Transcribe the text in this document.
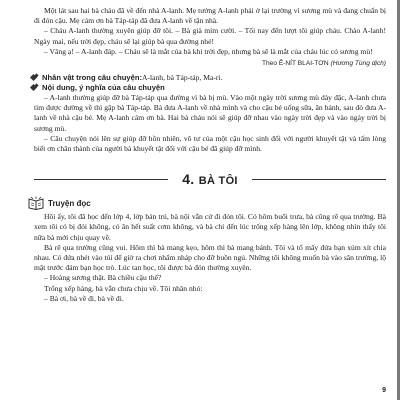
Một lát sau hai bà cháu đã về đến nhà A-lanh. Mẹ tưởng A-lanh phải ở lại trường vì sương mù và đang chuẩn bị đi đón cậu. Mẹ cảm ơn bà Táp-táp đã đưa A-lanh về tận nhà.

– Cháu A-lanh thường xuyên giúp đỡ tôi. – Bà già mỉm cười. – Tối nay đến lượt tôi giúp cháu. Chào A-lanh! Ngày mai, nếu trời đẹp, cháu sẽ lại giúp bà qua đường nhé!

– Vâng ạ! – A-lanh đáp. – Cháu sẽ là mắt của bà khi trời đẹp, nhưng bà sẽ là mắt của cháu lúc có sương mù!

Theo Ê-NÍT BLAI-TƠN (Hương Tùng dịch)
Nhân vật trong câu chuyện: A-lanh, bà Táp-táp, Ma-ri.
Nội dung, ý nghĩa của câu chuyện

– A-lanh thường giúp đỡ bà Táp-táp qua đường vì bà bị mù. Vào một ngày trời sương mù dày đặc, A-lanh chưa tìm được đường về thì gặp bà Táp-táp. Bà đưa A-lanh về nhà mình và cho cậu bé uống sữa, ăn bánh, sau đó đưa A-lanh về nhà cậu bé. Mẹ A-lanh cảm ơn bà. Hai bà cháu nói sẽ giúp đỡ nhau vào ngày trời đẹp và vào ngày trời bị sương mù.

– Câu chuyện nói lên sự giúp đỡ hồn nhiên, vô tư của một cậu học sinh đối với người khuyết tật và tấm lòng biết ơn chân thành của người bà khuyết tật đối với cậu bé đã giúp đỡ mình.

4. BÀ TÔI
Truyện đọc

Hồi ấy, tôi đã học đến lớp 4, lớp bán trú, bà nội vẫn cứ đi đón tôi. Có hôm buổi trưa, bà cũng rẽ qua trường. Bà xem tôi có bị đói không, có ăn hết suất cơm không, và bà chỉ đến lúc trống xếp hàng lên lớp, không nhìn thấy tôi nữa bà mới chịu quay về.

Bà rẽ qua trường cũng vui. Hôm thì bà mang kẹo, hôm thì bà mang bánh. Tôi và tổ mấy đứa bạn xúm xít chia nhau. Có đứa nhét vào túi để giờ ra chơi nhấm nháp cho đỡ buồn ngủ. Những tôi không muốn bà vào sân trường, lộ mặt trước đám bạn học trò. Lúc tan học, tôi được bà đón thường xuyên.

– Hoàng sương thật. Bà chiều cậu thế?

Trống xếp hàng, bà vẫn chưa chịu về. Tôi nhăn nhó:

– Bà ơi, bà về đi, bà về đi.

9
